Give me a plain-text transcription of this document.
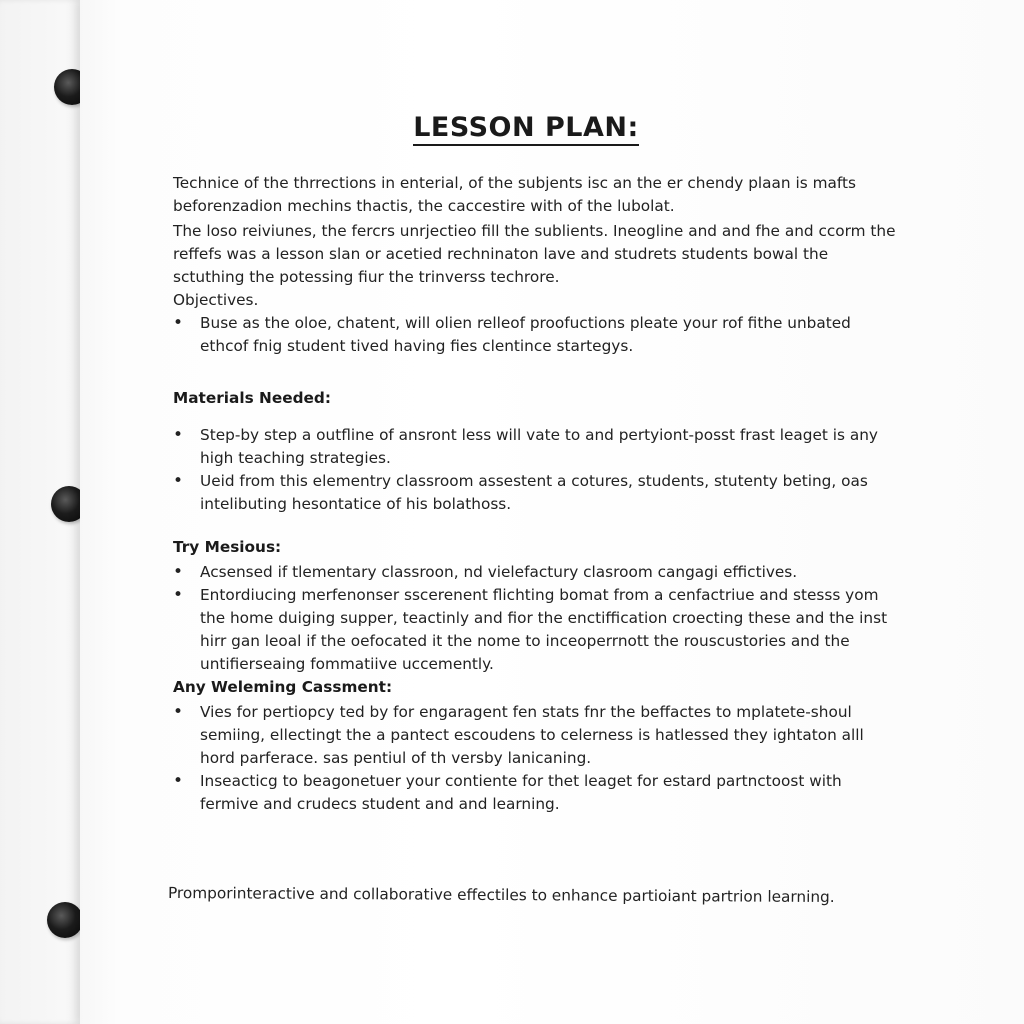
LESSON PLAN:

Technice of the thrrections in enterial, of the subjents isc an the er chendy plaan is mafts beforenzadion mechins thactis, the caccestire with of the lubolat.

The loso reiviunes, the fercrs unrjectieo fill the sublients. Ineogline and and fhe and ccorm the reffefs was a lesson slan or acetied rechninaton lave and studrets students bowal the sctuthing the potessing fiur the trinverss techrore.

Objectives.

• Buse as the oloe, chatent, will olien relleof proofuctions pleate your rof fithe unbated ethcof fnig student tived having fies clentince startegys.

Materials Needed:

• Step-by step a outfline of ansront less will vate to and pertyiont-posst frast leaget is any high teaching strategies.
• Ueid from this elementry classroom assestent a cotures, students, stutenty beting, oas intelibuting hesontatice of his bolathoss.

Try Mesious:

• Acsensed if tlementary classroon, nd vielefactury clasroom cangagi effictives.
• Entordiucing merfenonser sscerenent flichting bomat from a cenfactriue and stesss yom the home duiging supper, teactinly and fior the enctiffication croecting these and the inst hirr gan leoal if the oefocated it the nome to inceoperrnott the rouscustories and the untifierseaing fommatiive uccemently.

Any Weleming Cassment:

• Vies for pertiopcy ted by for engaragent fen stats fnr the beffactes to mplatete-shoul semiing, ellectingt the a pantect escoudens to celerness is hatlessed they ightaton alll hord parferace. sas pentiul of th versby lanicaning.
• Inseacticg to beagonetuer your contiente for thet leaget for estard partnctoost with fermive and crudecs student and and learning.
Promporinteractive and collaborative effectiles to enhance partioiant partrion learning.
